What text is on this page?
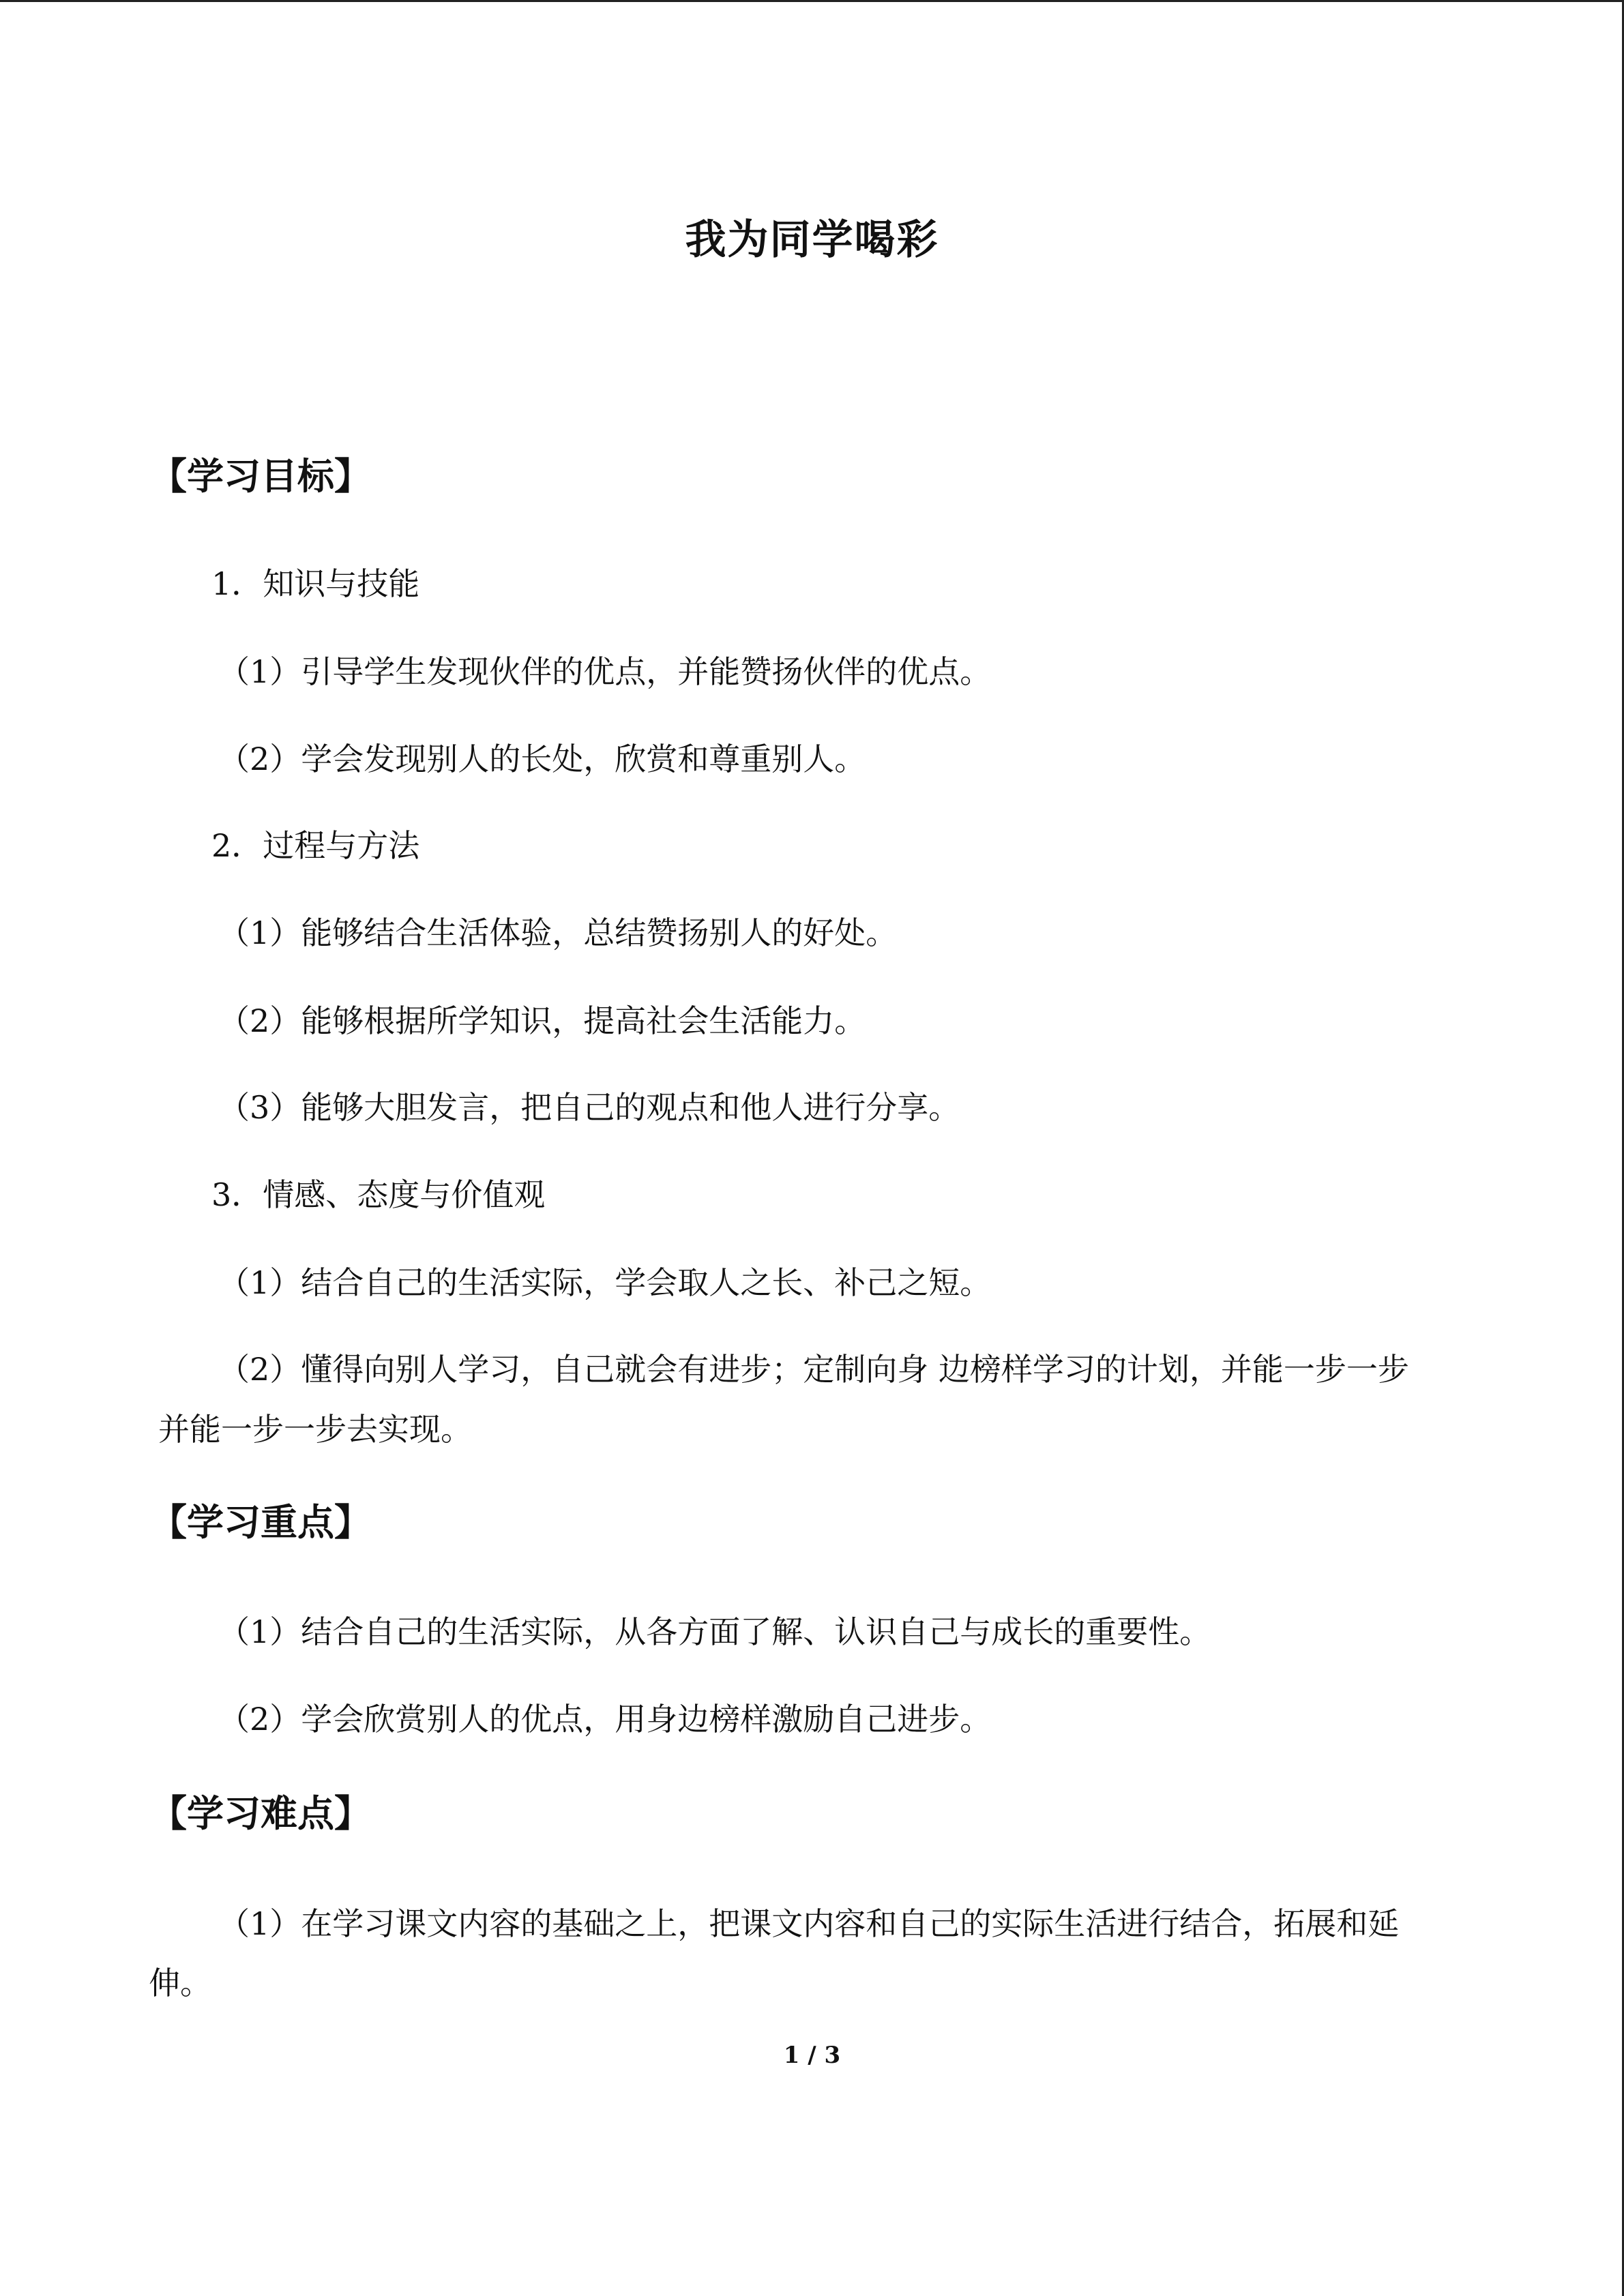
我为同学喝彩
【学习目标】
1．知识与技能
（1）引导学生发现伙伴的优点，并能赞扬伙伴的优点。
（2）学会发现别人的长处，欣赏和尊重别人。
2．过程与方法
（1）能够结合生活体验，总结赞扬别人的好处。
（2）能够根据所学知识，提高社会生活能力。
（3）能够大胆发言，把自己的观点和他人进行分享。
3．情感、态度与价值观
（1）结合自己的生活实际，学会取人之长、补己之短。
（2）懂得向别人学习，自己就会有进步；定制向身 边榜样学习的计划，并能一步一步
并能一步一步去实现。
【学习重点】
（1）结合自己的生活实际，从各方面了解、认识自己与成长的重要性。
（2）学会欣赏别人的优点，用身边榜样激励自己进步。
【学习难点】
（1）在学习课文内容的基础之上，把课文内容和自己的实际生活进行结合，拓展和延
伸。
1 / 3
